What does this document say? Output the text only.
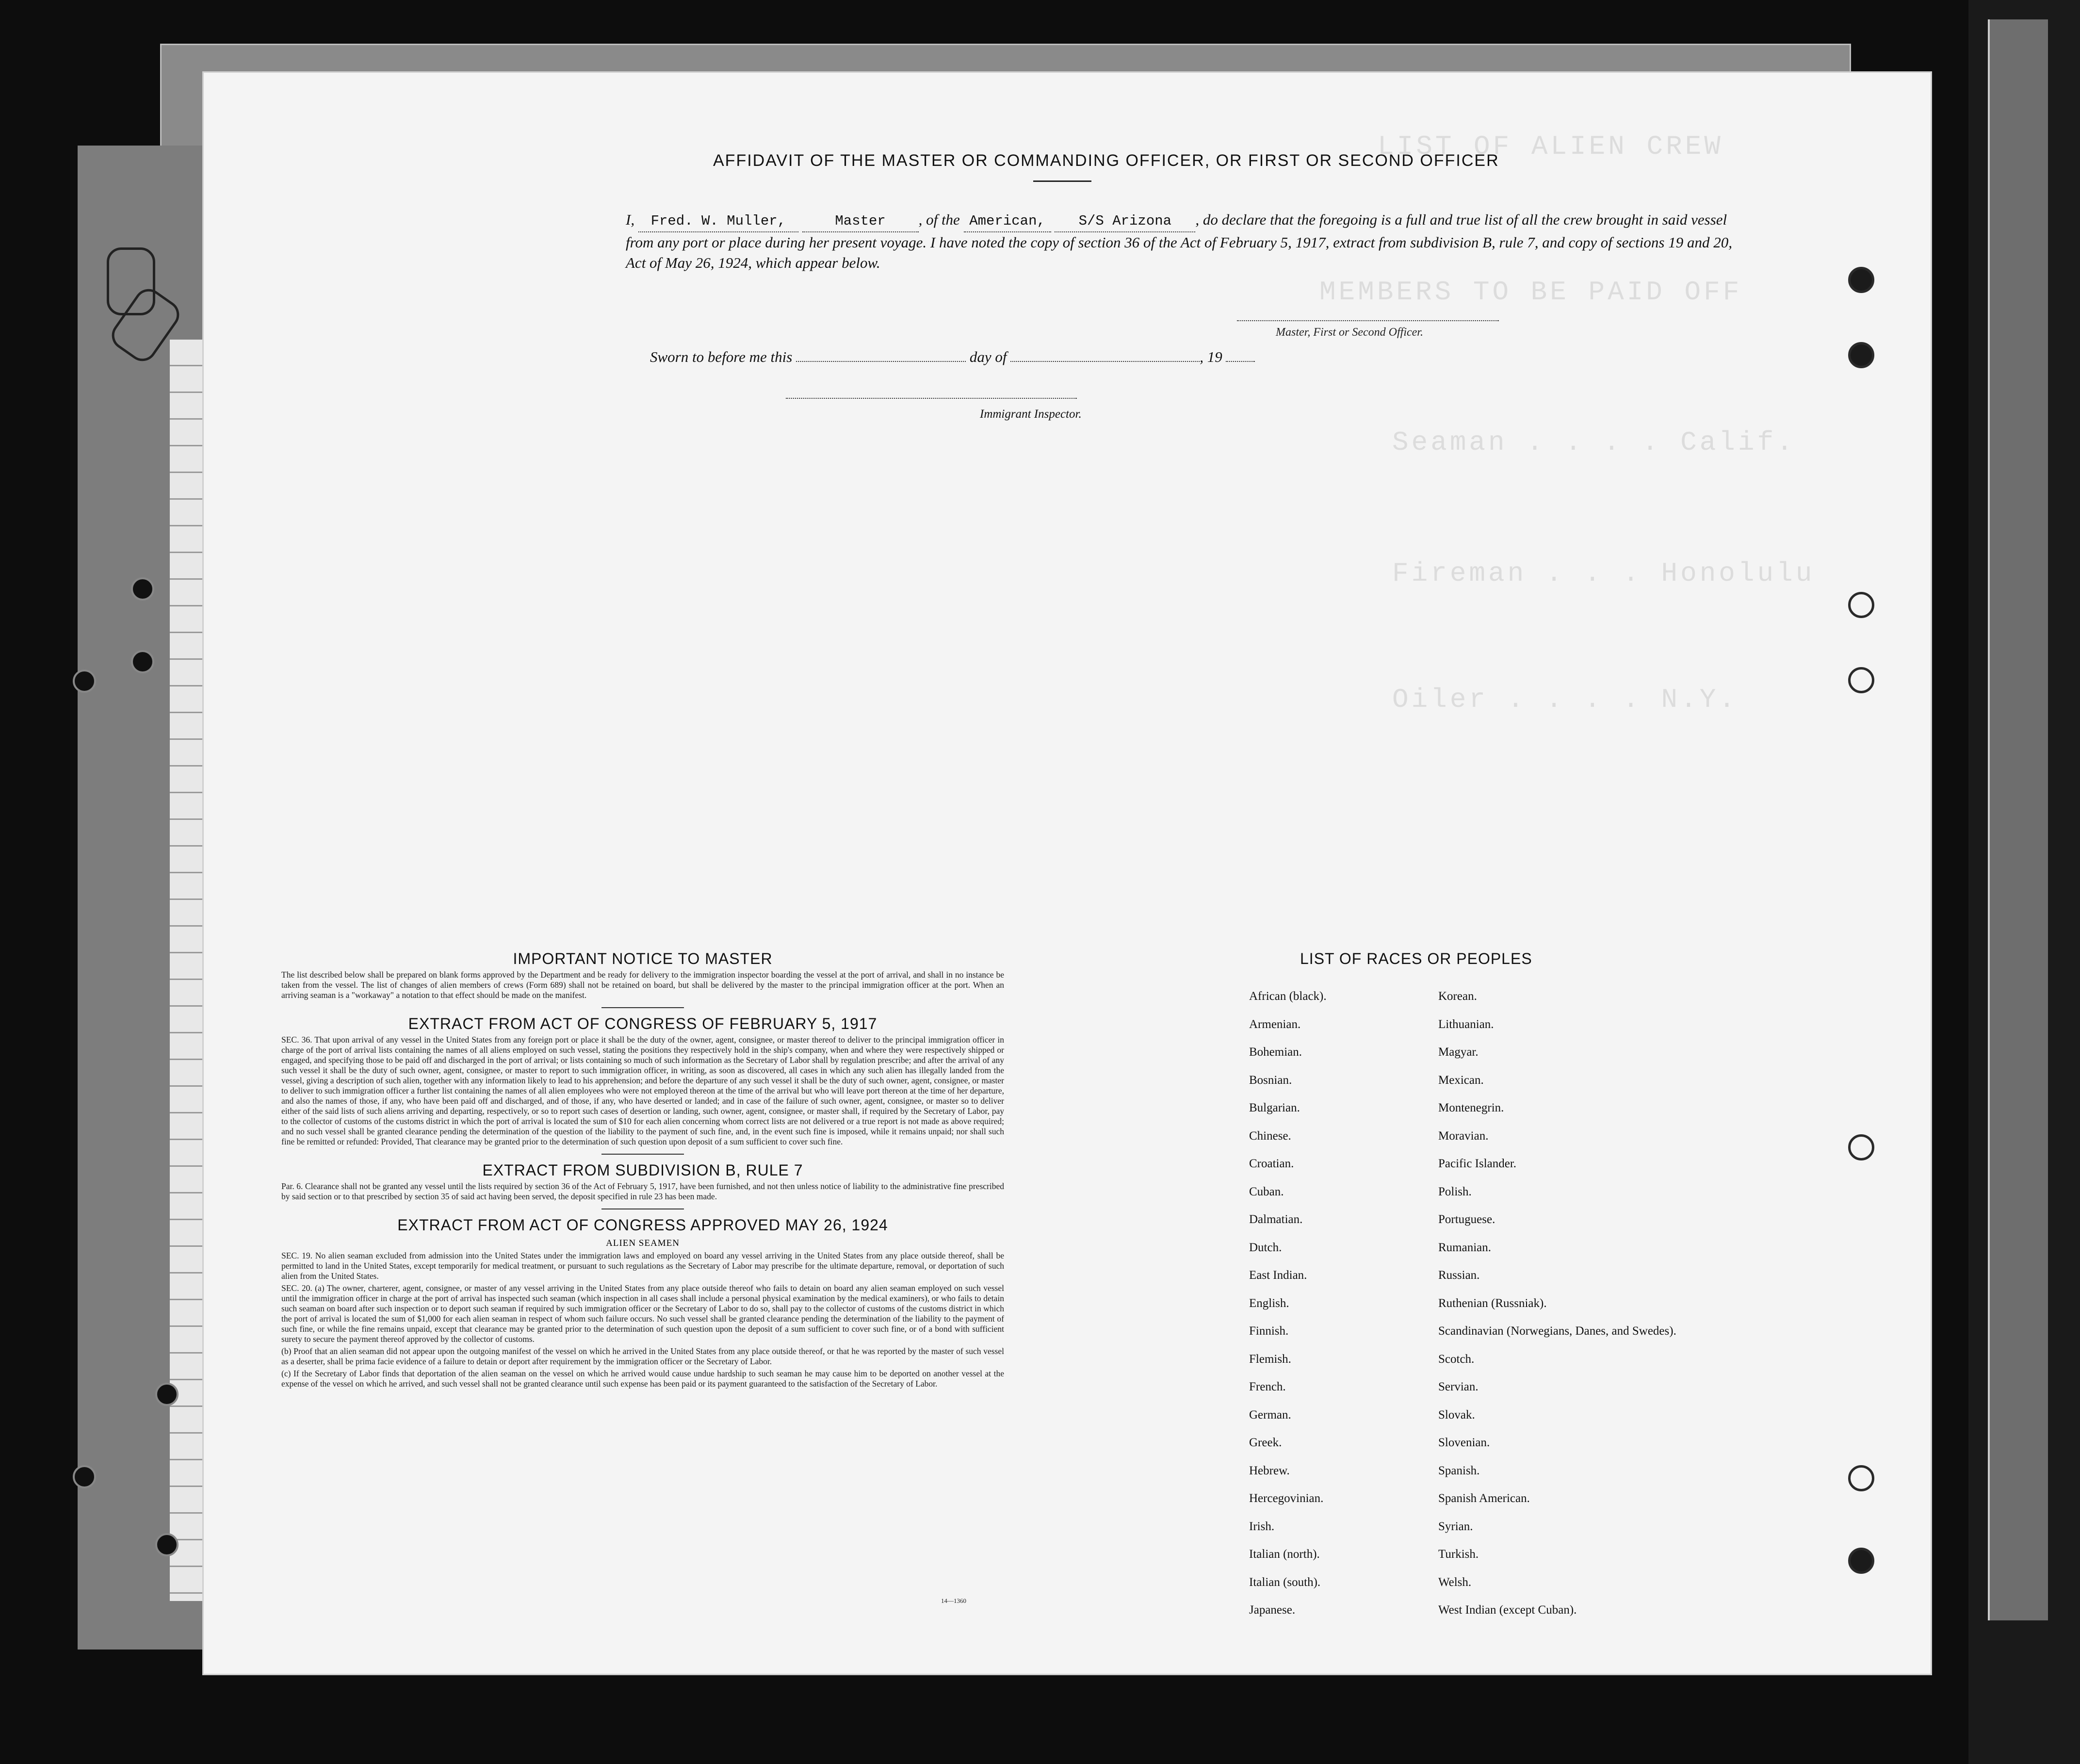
LIST OF ALIEN CREW
MEMBERS TO BE PAID OFF
Seaman . . . . Calif.
Fireman . . . Honolulu
Oiler . . . . N.Y.
AFFIDAVIT OF THE MASTER OR COMMANDING OFFICER, OR FIRST OR SECOND OFFICER
I, Fred. W. Muller,	Master , of the American, S/S Arizona , do declare that the foregoing is a full and true list of all the crew brought in said vessel from any port or place during her present voyage. I have noted the copy of section 36 of the Act of February 5, 1917, extract from subdivision B, rule 7, and copy of sections 19 and 20, Act of May 26, 1924, which appear below.
Master, First or Second Officer.
Sworn to before me this	day of	, 19
Immigrant Inspector.
IMPORTANT NOTICE TO MASTER

The list described below shall be prepared on blank forms approved by the Department and be ready for delivery to the immigration inspector boarding the vessel at the port of arrival, and shall in no instance be taken from the vessel. The list of changes of alien members of crews (Form 689) shall not be retained on board, but shall be delivered by the master to the principal immigration officer at the port. When an arriving seaman is a "workaway" a notation to that effect should be made on the manifest.

EXTRACT FROM ACT OF CONGRESS OF FEBRUARY 5, 1917

SEC. 36. That upon arrival of any vessel in the United States from any foreign port or place it shall be the duty of the owner, agent, consignee, or master thereof to deliver to the principal immigration officer in charge of the port of arrival lists containing the names of all aliens employed on such vessel, stating the positions they respectively hold in the ship's company, when and where they were respectively shipped or engaged, and specifying those to be paid off and discharged in the port of arrival; or lists containing so much of such information as the Secretary of Labor shall by regulation prescribe; and after the arrival of any such vessel it shall be the duty of such owner, agent, consignee, or master to report to such immigration officer, in writing, as soon as discovered, all cases in which any such alien has illegally landed from the vessel, giving a description of such alien, together with any information likely to lead to his apprehension; and before the departure of any such vessel it shall be the duty of such owner, agent, consignee, or master to deliver to such immigration officer a further list containing the names of all alien employees who were not employed thereon at the time of the arrival but who will leave port thereon at the time of her departure, and also the names of those, if any, who have been paid off and discharged, and of those, if any, who have deserted or landed; and in case of the failure of such owner, agent, consignee, or master so to deliver either of the said lists of such aliens arriving and departing, respectively, or so to report such cases of desertion or landing, such owner, agent, consignee, or master shall, if required by the Secretary of Labor, pay to the collector of customs of the customs district in which the port of arrival is located the sum of $10 for each alien concerning whom correct lists are not delivered or a true report is not made as above required; and no such vessel shall be granted clearance pending the determination of the question of the liability to the payment of such fine, and, in the event such fine is imposed, while it remains unpaid; nor shall such fine be remitted or refunded: Provided, That clearance may be granted prior to the determination of such question upon deposit of a sum sufficient to cover such fine.

EXTRACT FROM SUBDIVISION B, RULE 7

Par. 6. Clearance shall not be granted any vessel until the lists required by section 36 of the Act of February 5, 1917, have been furnished, and not then unless notice of liability to the administrative fine prescribed by said section or to that prescribed by section 35 of said act having been served, the deposit specified in rule 23 has been made.

EXTRACT FROM ACT OF CONGRESS APPROVED MAY 26, 1924
ALIEN SEAMEN

SEC. 19. No alien seaman excluded from admission into the United States under the immigration laws and employed on board any vessel arriving in the United States from any place outside thereof, shall be permitted to land in the United States, except temporarily for medical treatment, or pursuant to such regulations as the Secretary of Labor may prescribe for the ultimate departure, removal, or deportation of such alien from the United States.

SEC. 20. (a) The owner, charterer, agent, consignee, or master of any vessel arriving in the United States from any place outside thereof who fails to detain on board any alien seaman employed on such vessel until the immigration officer in charge at the port of arrival has inspected such seaman (which inspection in all cases shall include a personal physical examination by the medical examiners), or who fails to detain such seaman on board after such inspection or to deport such seaman if required by such immigration officer or the Secretary of Labor to do so, shall pay to the collector of customs of the customs district in which the port of arrival is located the sum of $1,000 for each alien seaman in respect of whom such failure occurs. No such vessel shall be granted clearance pending the determination of the liability to the payment of such fine, or while the fine remains unpaid, except that clearance may be granted prior to the determination of such question upon the deposit of a sum sufficient to cover such fine, or of a bond with sufficient surety to secure the payment thereof approved by the collector of customs.

(b) Proof that an alien seaman did not appear upon the outgoing manifest of the vessel on which he arrived in the United States from any place outside thereof, or that he was reported by the master of such vessel as a deserter, shall be prima facie evidence of a failure to detain or deport after requirement by the immigration officer or the Secretary of Labor.

(c) If the Secretary of Labor finds that deportation of the alien seaman on the vessel on which he arrived would cause undue hardship to such seaman he may cause him to be deported on another vessel at the expense of the vessel on which he arrived, and such vessel shall not be granted clearance until such expense has been paid or its payment guaranteed to the satisfaction of the Secretary of Labor.

14—1360
LIST OF RACES OR PEOPLES
African (black).
Armenian.
Bohemian.
Bosnian.
Bulgarian.
Chinese.
Croatian.
Cuban.
Dalmatian.
Dutch.
East Indian.
English.
Finnish.
Flemish.
French.
German.
Greek.
Hebrew.
Hercegovinian.
Irish.
Italian (north).
Italian (south).
Japanese.
Korean.
Lithuanian.
Magyar.
Mexican.
Montenegrin.
Moravian.
Pacific Islander.
Polish.
Portuguese.
Rumanian.
Russian.
Ruthenian (Russniak).
Scandinavian (Norwegians, Danes, and Swedes).
Scotch.
Servian.
Slovak.
Slovenian.
Spanish.
Spanish American.
Syrian.
Turkish.
Welsh.
West Indian (except Cuban).
